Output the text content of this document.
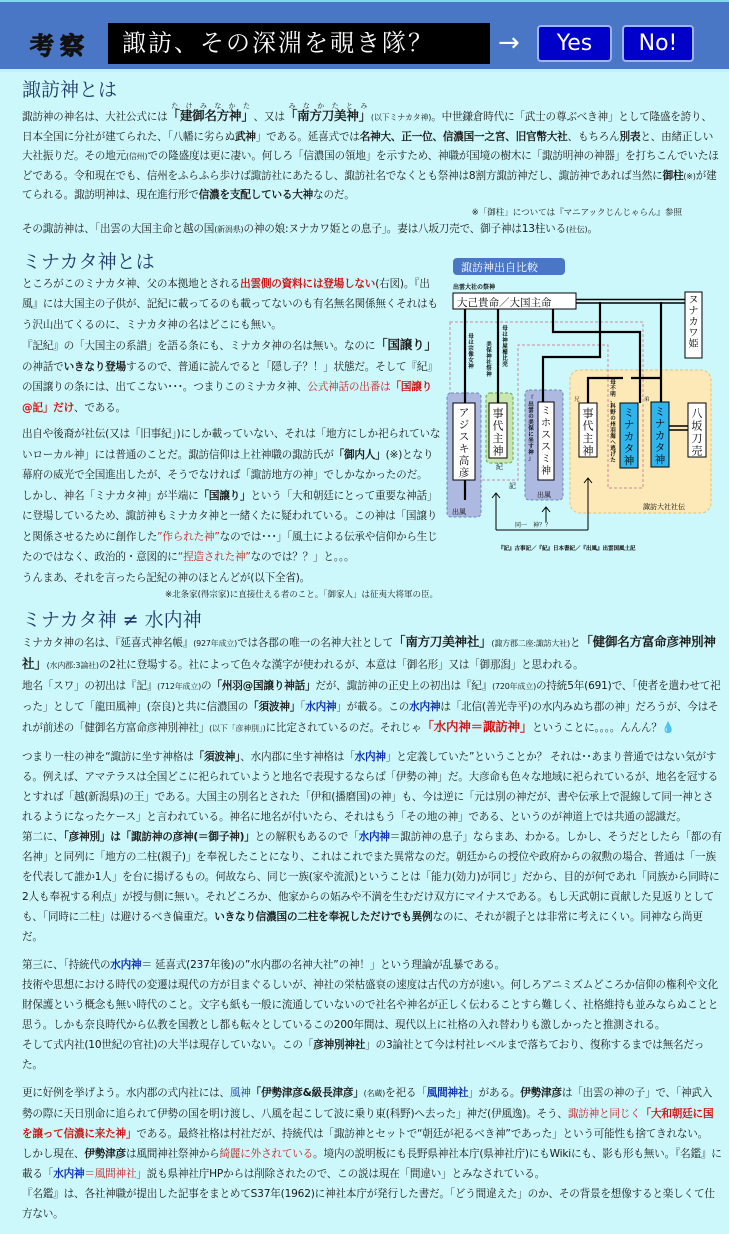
考察	諏訪、その深淵を覗き隊？	→	Yes	No!
諏訪神とは

諏訪神の神名は、大社公式には「建御名方神」たけみなかた、又は「南方刀美神」みなかたとみ(以下ミナカタ神)。中世鎌倉時代に「武士の尊ぶべき神」として隆盛を誇り、日本全国に分社が建てられた、「八幡に劣らぬ武神」である。延喜式では名神大、正一位、信濃国一之宮、旧官幣大社、もちろん別表と、由緒正しい大社振りだ。その地元(信州)での隆盛度は更に凄い。何しろ「信濃国の領地」を示すため、神職が国境の樹木に「諏訪明神の神器」を打ちこんでいたほどである。令和現在でも、信州をふらふら歩けば諏訪社にあたるし、諏訪社名でなくとも祭神は8割方諏訪神だし、諏訪神であれば当然に御柱(※)が建てられる。諏訪明神は、現在進行形で信濃を支配している大神なのだ。

※「御柱」については『マニアックじんじゃらん』参照

その諏訪神は、「出雲の大国主命と越の国(新潟県)の神の娘:ヌナカワ姫との息子」。妻は八坂刀売で、御子神は13柱いる(社伝)。

ミナカタ神とは

ところがこのミナカタ神、父の本拠地とされる出雲側の資料には登場しない(右図)。『出風』には大国主の子供が、記紀に載ってるのも載ってないのも有名無名関係無くそれはもう沢山出てくるのに、ミナカタ神の名はどこにも無い。

『記紀』の「大国主の系譜」を語る条にも、ミナカタ神の名は無い。なのに「国譲り」の神話でいきなり登場するので、普通に読んでると「隠し子？！」状態だ。そして『紀』の国譲りの条には、出てこない･･･。つまりこのミナカタ神、公式神話の出番は「国譲り@記」だけ、である。

出自や後裔が社伝(又は「旧事紀」)にしか載っていない、それは「地方にしか祀られていないローカル神」には普通のことだ。諏訪信仰は上社神職の諏訪氏が「御内人」(※)となり幕府の威光で全国進出したが、そうでなければ「諏訪地方の神」でしかなかったのだ。

しかし、神名「ミナカタ神」が半端に「国譲り」という「大和朝廷にとって重要な神話」に登場しているため、諏訪神もミナカタ神と一緒くたに疑われている。この神は「国譲りと関係させるために創作した”作られた神”なのでは･･･」「風土による伝承や信仰から生じたのではなく、政治的・意図的に“捏造された神”なのでは？？」と。。。

うんまあ、それを言ったら記紀の神のほとんどが(以下全省)。

※北条家(得宗家)に直接仕える者のこと。「御家人」は征夷大将軍の臣。
諏訪神出自比較
出雲大社の祭神
大己貴命／大国主命	ヌナカワ姫
アジスキ高彦
事代主神
ミホススミ神
事代主神
ミナカタ神
ミナカタ神
八坂刀売
母は宗像女神
母は神屋楯比売
美保神社祭神
「出雲の美保に坐す神」
母不明、科野の州羽海へ逃げた
兄	弟
記
紀
出風
出風
諏訪大社社伝
同一　神？？
『記』古事記／『紀』日本書紀／『出風』出雲国風土記
ミナカタ神 ≠ 水内神

ミナカタ神の名は、『延喜式神名帳』(927年成立)では各郡の唯一の名神大社として「南方刀美神社」(諏方郡二座:諏訪大社)と「健御名方富命彦神別神社」(水内郡:3論社)の2社に登場する。社によって色々な漢字が使われるが、本意は「御名形」又は「御那潟」と思われる。

地名「スワ」の初出は『記』(712年成立)の「州羽@国譲り神話」だが、諏訪神の正史上の初出は『紀』(720年成立)の持統5年(691)で、「使者を遣わせて祀った」として「龍田風神」(奈良)と共に信濃国の「須波神」「水内神」が載る。この水内神は「北信(善光寺平)の水内みぬち郡の神」だろうが、今はそれが前述の「健御名方富命彦神別神社」(以下「彦神別」)に比定されているのだ。それじゃ「水内神＝諏訪神」ということに。。。。んんん？💧

つまり一柱の神を“諏訪に坐す神格は「須波神」、水内郡に坐す神格は「水内神」と定義していた”ということか？ それは･･あまり普通ではない気がする。例えば、アマテラスは全国どこに祀られていようと地名で表現するならば「伊勢の神」だ。大彦命も色々な地域に祀られているが、地名を冠するとすれば「越(新潟県)の王」である。大国主の別名とされた「伊和(播磨国)の神」も、今は逆に「元は別の神だが、書や伝承上で混線して同一神とされるようになったケース」と言われている。神名に地名が付いたら、それはもう「その地の神」である、というのが神道上では共通の認識だ。

第二に、「彦神別」は「諏訪神の彦神(＝御子神)」との解釈もあるので「水内神＝諏訪神の息子」ならまあ、わかる。しかし、そうだとしたら「都の有名神」と同列に「地方の二柱(親子)」を奉祝したことになり、これはこれでまた異常なのだ。朝廷からの授位や政府からの叙勲の場合、普通は「一族を代表して誰か1人」を台に揚げるもの。何故なら、同じ一族(家や流派)ということは「能力(効力)が同じ」だから、目的が何であれ「同族から同時に2人も奉祝する利点」が授与側に無い。それどころか、他家からの妬みや不満を生むだけ双方にマイナスである。もし天武朝に貢献した見返りとしても、「同時に二柱」は避けるべき偏重だ。いきなり信濃国の二柱を奉祝しただけでも異例なのに、それが親子とは非常に考えにくい。同神なら尚更だ。

第三に、「持統代の水内神＝ 延喜式(237年後)の”水内郡の名神大社”の神！」という理論が乱暴である。

技術や思想における時代の変遷は現代の方が目まぐるしいが、神社の栄枯盛衰の速度は古代の方が速い。何しろアニミズムどころか信仰の権利や文化財保護という概念も無い時代のこと。文字も紙も一般に流通していないので社名や神名が正しく伝わることすら難しく、社格維持も並みならぬことと思う。しかも奈良時代から仏教を国教とし都も転々としているこの200年間は、現代以上に社格の入れ替わりも激しかったと推測される。

そして式内社(10世紀の官社)の大半は現存していない。この「彦神別神社」の3論社とて今は村社レベルまで落ちており、復称するまでは無名だった。

更に好例を挙げよう。水内郡の式内社には、風神「伊勢津彦&級長津彦」(名蔵)を祀る「風間神社」がある。伊勢津彦は「出雲の神の子」で、「神武入勢の際に天日別命に追られて伊勢の国を明け渡し、八風を起こして波に乗り東(科野)へ去った」神だ(伊風逸)。そう、諏訪神と同じく「大和朝廷に国を譲って信濃に来た神」である。最終社格は村社だが、持統代は「諏訪神とセットで“朝廷が祀るべき神”であった」という可能性も捨てきれない。

しかし現在、伊勢津彦は風間神社祭神から綺麗に外されている。境内の説明板にも長野県神社本庁(県神社庁)にもWikiにも、影も形も無い。『名鑑』に載る「水内神＝風間神社」説も県神社庁HPからは削除されたので、この説は現在「間違い」とみなされている。

『名鑑』は、各社神職が提出した記事をまとめてS37年(1962)に神社本庁が発行した書だ。「どう間違えた」のか、その背景を想像すると楽しくて仕方ない。
